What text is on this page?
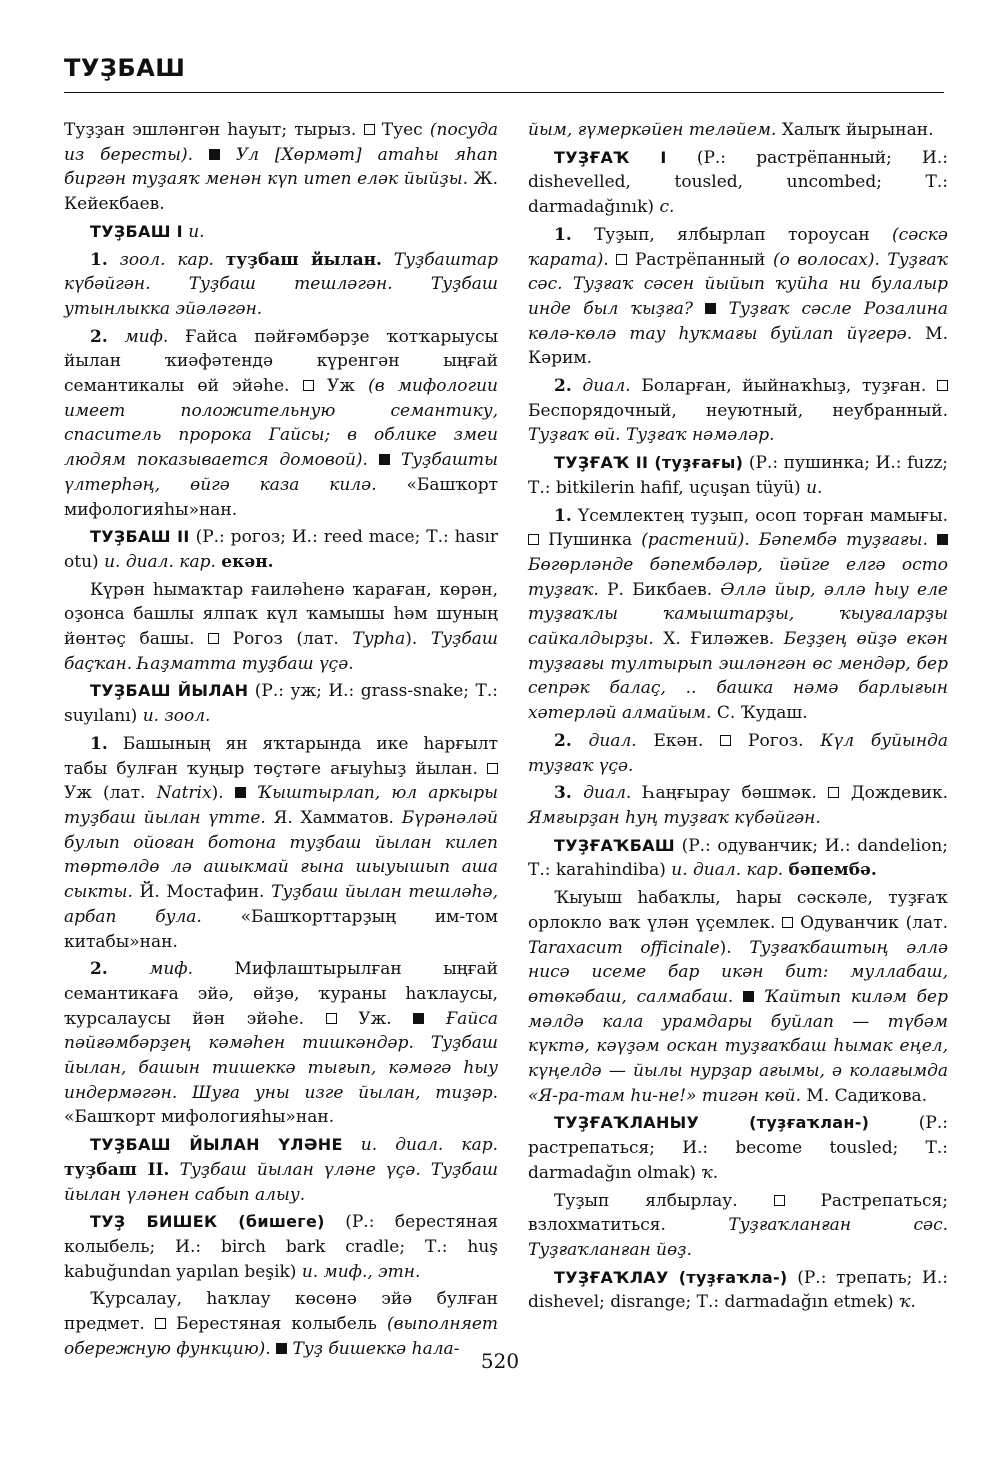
ТУҘБАШ

Туҙҙан эшләнгән һауыт; тырыз.  Туес (посуда из бересты).  Ул [Хөрмәт] атаһы яһап биргән туҙаяҡ менән күп итеп еләк йыйҙы. Ж. Кейекбаев.

ТУҘБАШ I и.

1. зоол. кар. туҙбаш йылан. Туҙбаштар күбәйгән. Туҙбаш тешләгән. Туҙбаш утынлыкка эйәләгән.

2. миф. Ғайса пәйғәмбәрҙе ҡотҡарыусы йылан ҡиәфәтендә күренгән ыңғай семантикалы өй эйәһе.  Уж (в мифологии имеет положительную семантику, спаситель пророка Гайсы; в облике змеи людям показывается домовой).  Туҙбашты үлтерһәң, өйгә каза килә. «Башҡорт мифологияһы»нан.

ТУҘБАШ II (Р.: рогоз; И.: reed mace; Т.: hasır otu) и. диал. кар. екән.

Күрән һымаҡтар ғаиләһенә ҡараған, көрән, оҙонса башлы ялпаҡ күл ҡамышы һәм шуның йөнтәҫ башы.  Рогоз (лат. Typha). Туҙбаш баҫҡан. Һаҙматта туҙбаш үҫә.

ТУҘБАШ ЙЫЛАН (Р.: уж; И.: grass-snake; Т.: suyılanı) и. зоол.

1. Башының ян яҡтарында ике һарғылт табы булған ҡуңыр төҫтәге ағыуһыҙ йылан.  Уж (лат. Natrix).  Ҡыштырлап, юл аркыры туҙбаш йылан үтте. Я. Хамматов. Бүрәнәләй булып ойоған ботона туҙбаш йылан килеп төртөлдө лә ашыкмай ғына шыуышып аша сыкты. Й. Мостафин. Туҙбаш йылан тешләһә, арбап була. «Башҡорттарҙың им-том китабы»нан.

2. миф. Мифлаштырылған ыңғай семантикаға эйә, өйҙө, ҡураны һаҡлаусы, ҡурсалаусы йән эйәһе.  Уж.  Ғайса пәйғәмбәрҙең кәмәһен тишкәндәр. Туҙбаш йылан, башын тишеккә тығып, кәмәгә һыу индермәгән. Шуға уны изге йылан, тиҙәр. «Башҡорт мифологияһы»нан.

ТУҘБАШ ЙЫЛАН ҮЛӘНЕ и. диал. кар. туҙбаш II. Туҙбаш йылан үләне үҫә. Туҙбаш йылан үләнен сабып алыу.

ТУҘ БИШЕК (бишеге) (Р.: берестяная колыбель; И.: birch bark cradle; Т.: huş kabuğundan yapılan beşik) и. миф., этн.

Ҡурсалау, һаҡлау көсөнә эйә булған предмет.  Берестяная колыбель (выполняет обережную функцию).  Туҙ бишеккә һала-

йым, ғүмеркәйен теләйем. Халыҡ йырынан.

ТУҘҒАҠ I (Р.: растрёпанный; И.: dishevelled, tousled, uncombed; Т.: darmadağınık) с.

1. Туҙып, ялбырлап тороусан (сәскә ҡарата).  Растрёпанный (о волосах). Туҙғаҡ сәс. Туҙғаҡ сәсен йыйып ҡуйһа ни булалыр инде был ҡыҙға? Туҙғаҡ сәсле Розалина көлә-көлә тау һуҡмағы буйлап йүгерә. М. Кәрим.

2. диал. Боларған, йыйнаҡһыҙ, туҙған.  Беспорядочный, неуютный, неубранный. Туҙғаҡ өй. Туҙғаҡ нәмәләр.

ТУҘҒАҠ II (туҙғағы) (Р.: пушинка; И.: fuzz; Т.: bitkilerin hafif, uçuşan tüyü) и.

1. Үсемлектең туҙып, осоп торған мамығы.  Пушинка (растений). Бәпембә туҙғағы.  Бөгөрләнде бәпембәләр, йәйге елгә осто туҙғаҡ. Р. Бикбаев. Әллә йыр, әллә һыу еле туҙғаҡлы ҡамыштарҙы, ҡыуғаларҙы сайкалдырҙы. Х. Ғиләжев. Беҙҙең өйҙә екән туҙғағы тултырып эшләнгән өс мендәр, бер сепрәк балаҫ, .. башка нәмә барлығын хәтерләй алмайым. С. Ҡудаш.

2. диал. Екән.  Рогоз. Күл буйында туҙғаҡ үҫә.

3. диал. Һаңғырау бәшмәк.  Дождевик. Ямғырҙан һуң туҙғаҡ күбәйгән.

ТУҘҒАҠБАШ (Р.: одуванчик; И.: dandelion; Т.: karahindiba) и. диал. кар. бәпембә.

Ҡыуыш һабаҡлы, һары сәскәле, туҙғаҡ орлокло ваҡ үлән үҫемлек.  Одуванчик (лат. Taraxacum officinale). Туҙғаҡбаштың әллә нисә исеме бар икән бит: муллабаш, өтөкәбаш, салмабаш. Ҡайтып киләм бер мәлдә кала урамдары буйлап — түбәм күктә, кәүҙәм оскан туҙғаҡбаш һымак еңел, күңелдә — йылы нурҙар ағымы, ә колағымда «Я-ра-там hи-не!» тигән көй. М. Садиҡова.

ТУҘҒАҠЛАНЫУ (туҙғаҡлан-) (Р.: растрепаться; И.: become tousled; Т.: darmadağın olmak) ҡ.

Туҙып ялбырлау.  Растрепаться; взлохматиться. Туҙғаҡланған сәс. Туҙғаҡланған йөҙ.

ТУҘҒАҠЛАУ (туҙғаҡла-) (Р.: трепать; И.: dishevel; disrange; Т.: darmadağın etmek) ҡ.

520
